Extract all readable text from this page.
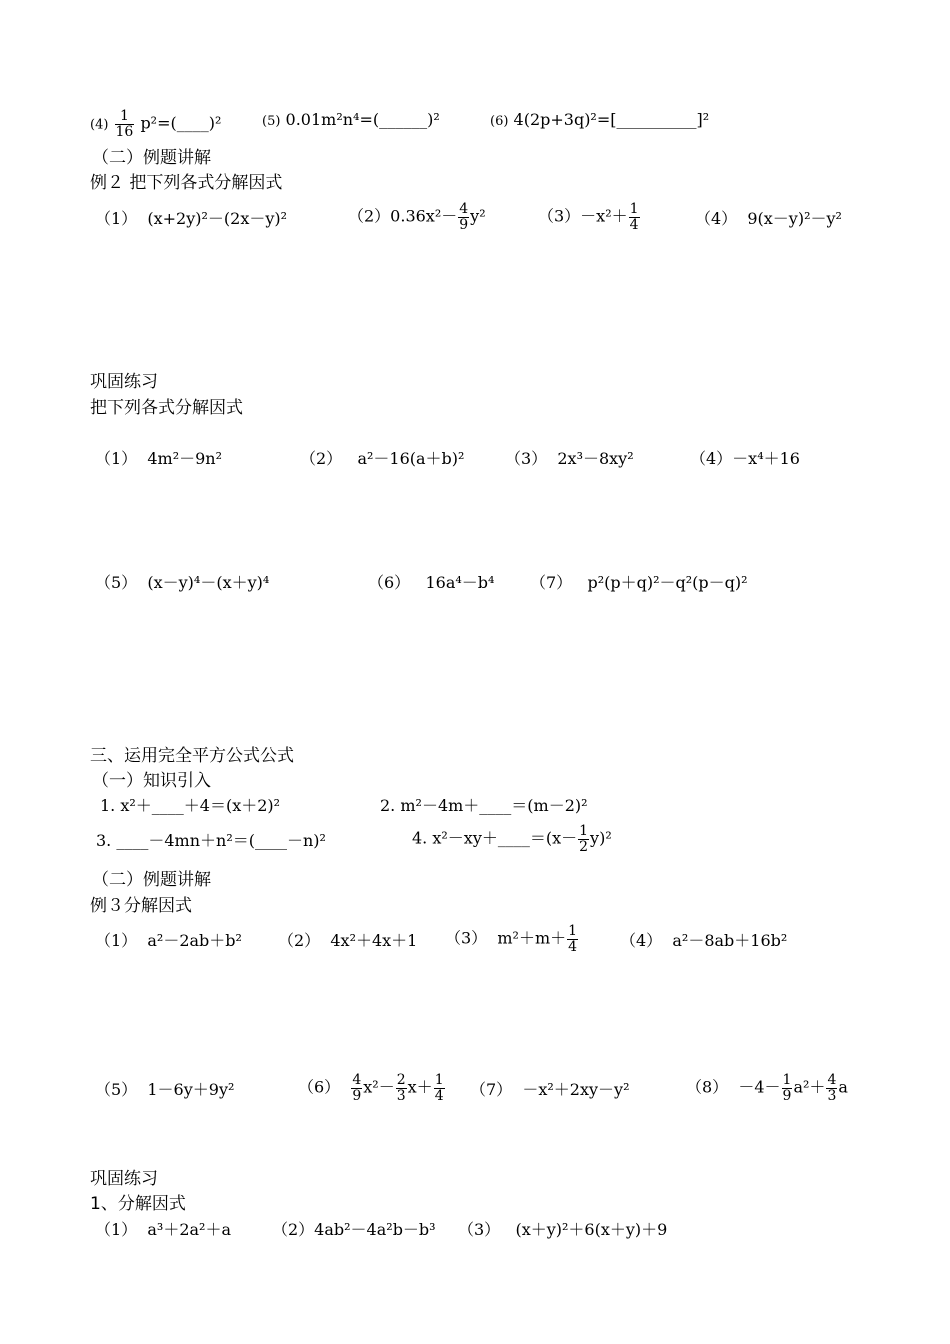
$(4) \frac{1}{16}$ p²=(____)²	(5) 0.01m²n⁴=(______)²	(6) 4(2p+3q)²=[__________]²
（二）例题讲解
例２ 把下列各式分解因式
（1） (x+2y)²－(2x－y)²	$(2)0.36x^2- \frac{4}{9} y^2$	$(3)-x^2+ \frac{1}{4}$	（4） 9(x－y)²－y²
巩固练习
把下列各式分解因式
（1） 4m²－9n²	（2） a²－16(a＋b)²	（3） 2x³－8xy²	（4）－x⁴＋16
（5） (x－y)⁴－(x＋y)⁴	（6） 16a⁴－b⁴ （7） p²(p＋q)²－q²(p－q)²
三、运用完全平方公式公式
（一）知识引入
1. x²＋____＋4＝(x＋2)²	2. m²－4m＋____＝(m－2)²
3. ____－4mn＋n²＝(____－n)²	4. x²－xy＋____＝(x－ $\frac{1}{2} y)^2$
（二）例题讲解
例３分解因式
（1） a²－2ab＋b² （2） 4x²＋4x＋1 （3） $m^2+m+ \frac{1}{4}$	（4） a²－8ab＋16b²
（5） 1－6y＋9y²	$(6) \frac{4}{9} x^2- \frac{2}{3} x+ \frac{1}{4} (7) -x^2+2xy-y^2$	$(8) -4- \frac{1}{9} a^2+ \frac{4}{3}$ a
巩固练习
1、分解因式
（1） a³＋2a²＋a	（2）4ab²－4a²b－b³ （3） (x＋y)²＋6(x＋y)＋9
